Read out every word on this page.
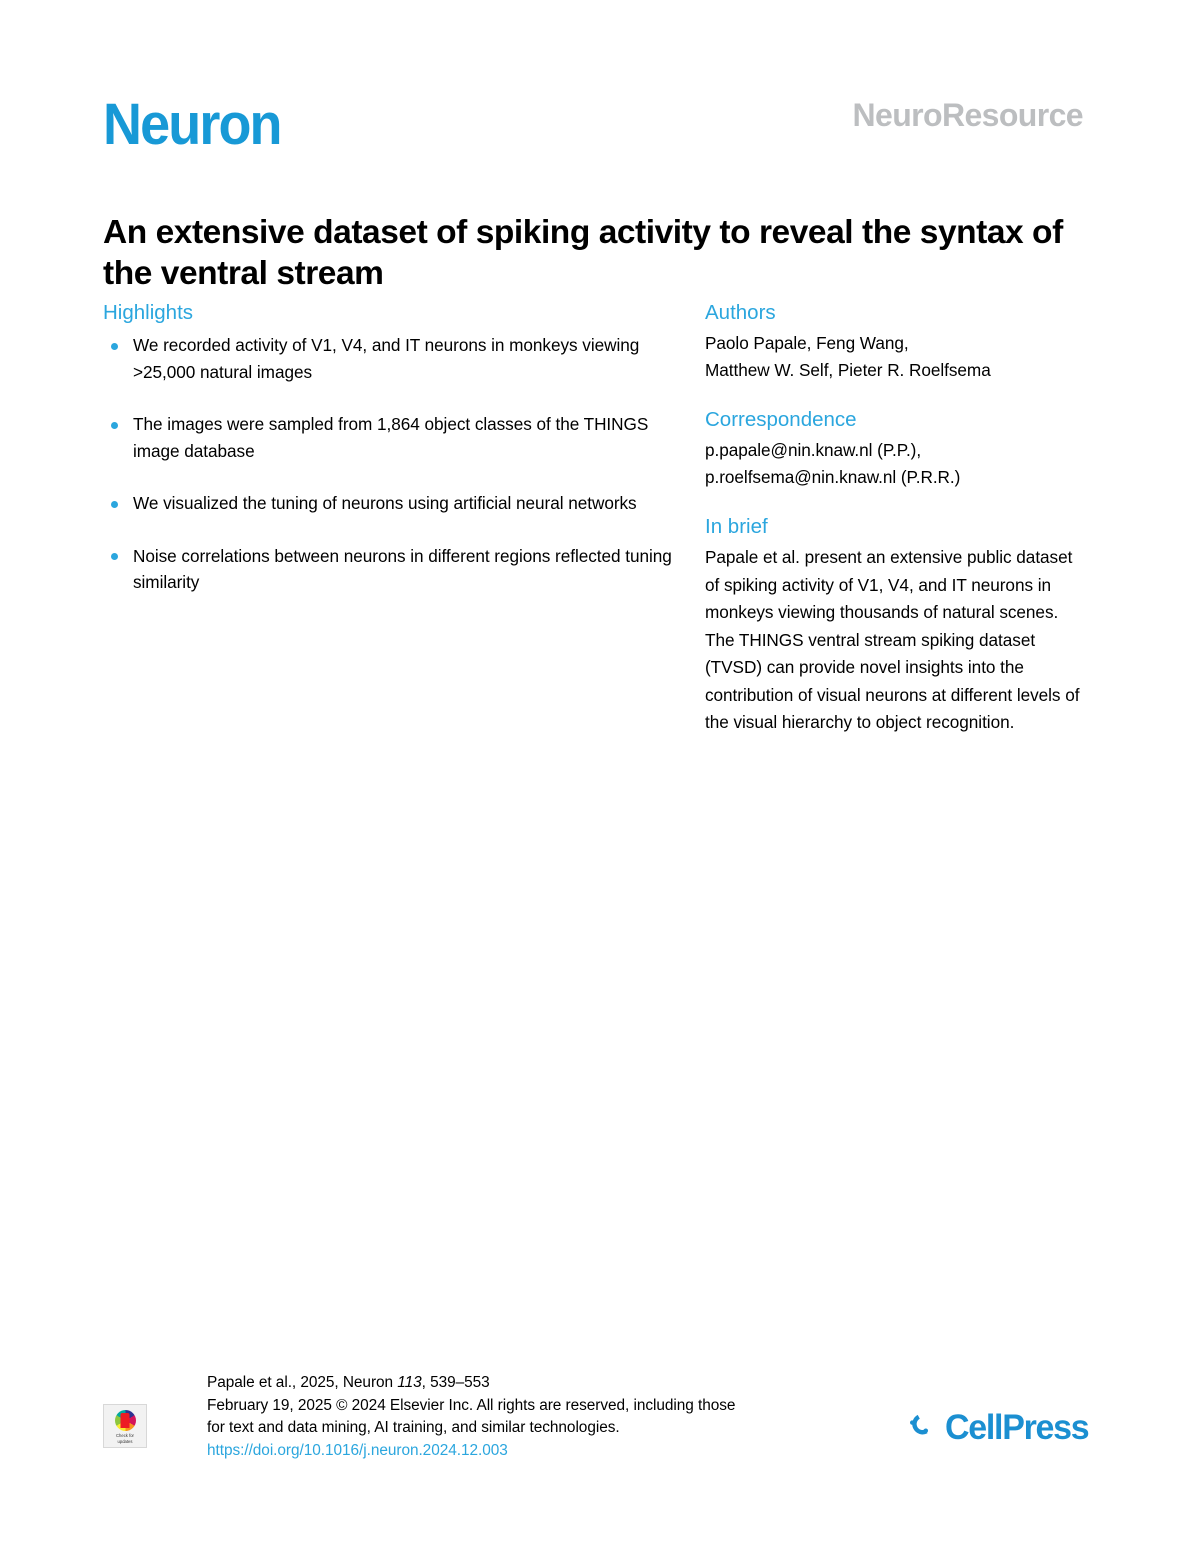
Neuron	NeuroResource
An extensive dataset of spiking activity to reveal the syntax of the ventral stream
Highlights
We recorded activity of V1, V4, and IT neurons in monkeys viewing >25,000 natural images
The images were sampled from 1,864 object classes of the THINGS image database
We visualized the tuning of neurons using artificial neural networks
Noise correlations between neurons in different regions reflected tuning similarity
Authors

Paolo Papale, Feng Wang,
Matthew W. Self, Pieter R. Roelfsema

Correspondence

p.papale@nin.knaw.nl (P.P.),
p.roelfsema@nin.knaw.nl (P.R.R.)

In brief

Papale et al. present an extensive public dataset of spiking activity of V1, V4, and IT neurons in monkeys viewing thousands of natural scenes. The THINGS ventral stream spiking dataset (TVSD) can provide novel insights into the contribution of visual neurons at different levels of the visual hierarchy to object recognition.

Check for
updates
Papale et al., 2025, Neuron 113, 539–553
February 19, 2025 © 2024 Elsevier Inc. All rights are reserved, including those
for text and data mining, AI training, and similar technologies.
https://doi.org/10.1016/j.neuron.2024.12.003
CellPress
